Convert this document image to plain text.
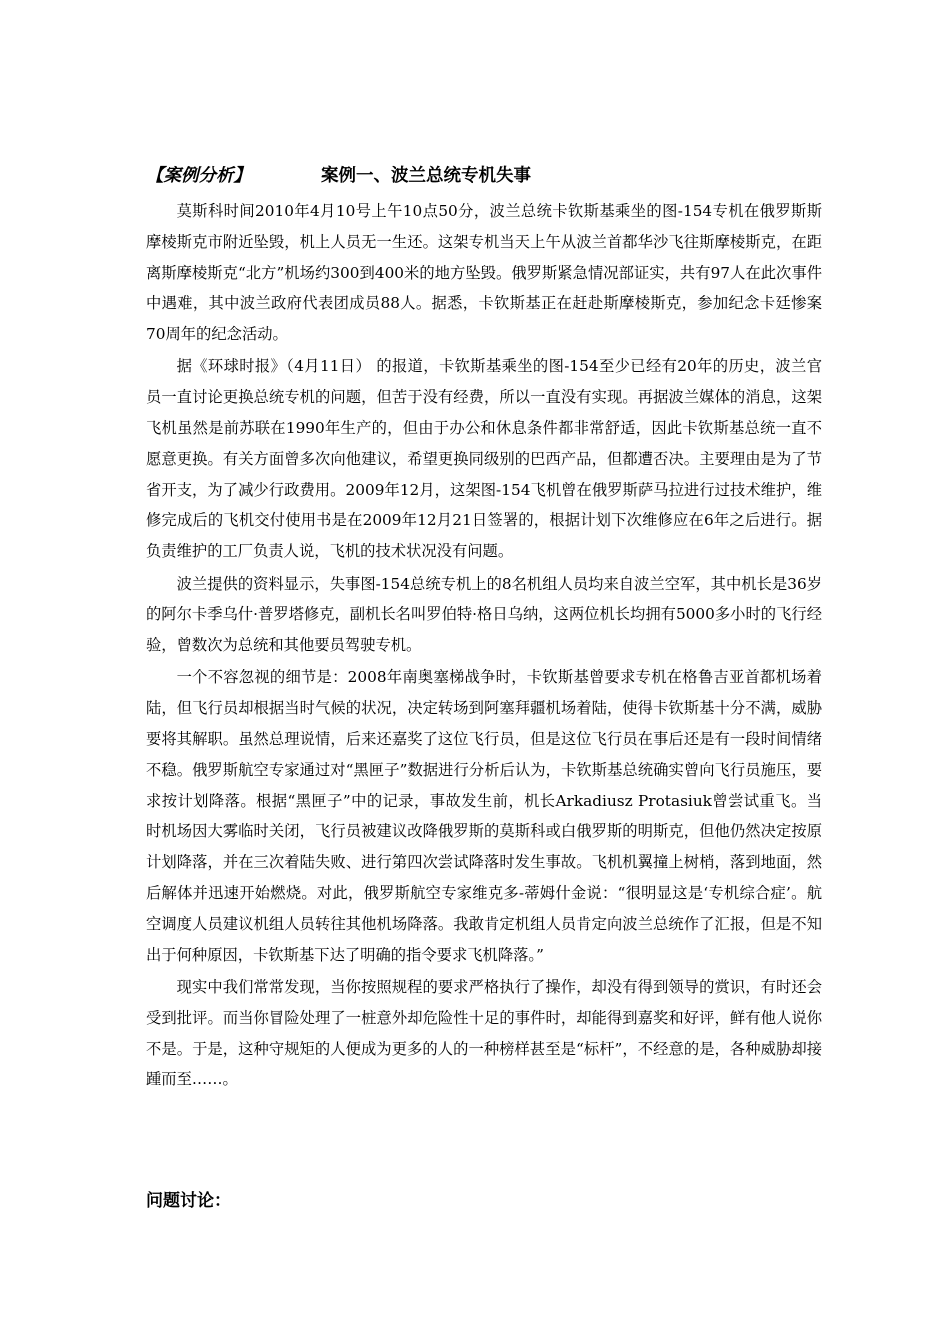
【案例分析】	案例一、波兰总统专机失事

莫斯科时间2010年4月10号上午10点50分，波兰总统卡钦斯基乘坐的图-154专机在俄罗斯斯摩棱斯克市附近坠毁，机上人员无一生还。这架专机当天上午从波兰首都华沙飞往斯摩棱斯克，在距离斯摩棱斯克“北方”机场约300到400米的地方坠毁。俄罗斯紧急情况部证实，共有97人在此次事件中遇难，其中波兰政府代表团成员88人。据悉，卡钦斯基正在赶赴斯摩棱斯克，参加纪念卡廷惨案70周年的纪念活动。

据《环球时报》（4月11日） 的报道，卡钦斯基乘坐的图-154至少已经有20年的历史，波兰官员一直讨论更换总统专机的问题，但苦于没有经费，所以一直没有实现。再据波兰媒体的消息，这架飞机虽然是前苏联在1990年生产的，但由于办公和休息条件都非常舒适，因此卡钦斯基总统一直不愿意更换。有关方面曾多次向他建议，希望更换同级别的巴西产品，但都遭否决。主要理由是为了节省开支，为了减少行政费用。2009年12月，这架图-154飞机曾在俄罗斯萨马拉进行过技术维护，维修完成后的飞机交付使用书是在2009年12月21日签署的，根据计划下次维修应在6年之后进行。据负责维护的工厂负责人说，飞机的技术状况没有问题。

波兰提供的资料显示，失事图-154总统专机上的8名机组人员均来自波兰空军，其中机长是36岁的阿尔卡季乌什·普罗塔修克，副机长名叫罗伯特·格日乌纳，这两位机长均拥有5000多小时的飞行经验，曾数次为总统和其他要员驾驶专机。

一个不容忽视的细节是：2008年南奥塞梯战争时，卡钦斯基曾要求专机在格鲁吉亚首都机场着陆，但飞行员却根据当时气候的状况，决定转场到阿塞拜疆机场着陆，使得卡钦斯基十分不满，威胁要将其解职。虽然总理说情，后来还嘉奖了这位飞行员，但是这位飞行员在事后还是有一段时间情绪不稳。俄罗斯航空专家通过对“黑匣子”数据进行分析后认为，卡钦斯基总统确实曾向飞行员施压，要求按计划降落。根据“黑匣子”中的记录，事故发生前，机长Arkadiusz Protasiuk曾尝试重飞。当时机场因大雾临时关闭，飞行员被建议改降俄罗斯的莫斯科或白俄罗斯的明斯克，但他仍然决定按原计划降落，并在三次着陆失败、进行第四次尝试降落时发生事故。飞机机翼撞上树梢，落到地面，然后解体并迅速开始燃烧。对此，俄罗斯航空专家维克多-蒂姆什金说：“很明显这是‘专机综合症’。航空调度人员建议机组人员转往其他机场降落。我敢肯定机组人员肯定向波兰总统作了汇报，但是不知出于何种原因，卡钦斯基下达了明确的指令要求飞机降落。”

现实中我们常常发现，当你按照规程的要求严格执行了操作，却没有得到领导的赏识，有时还会受到批评。而当你冒险处理了一桩意外却危险性十足的事件时，却能得到嘉奖和好评，鲜有他人说你不是。于是，这种守规矩的人便成为更多的人的一种榜样甚至是“标杆”，不经意的是，各种威胁却接踵而至……。

问题讨论：
